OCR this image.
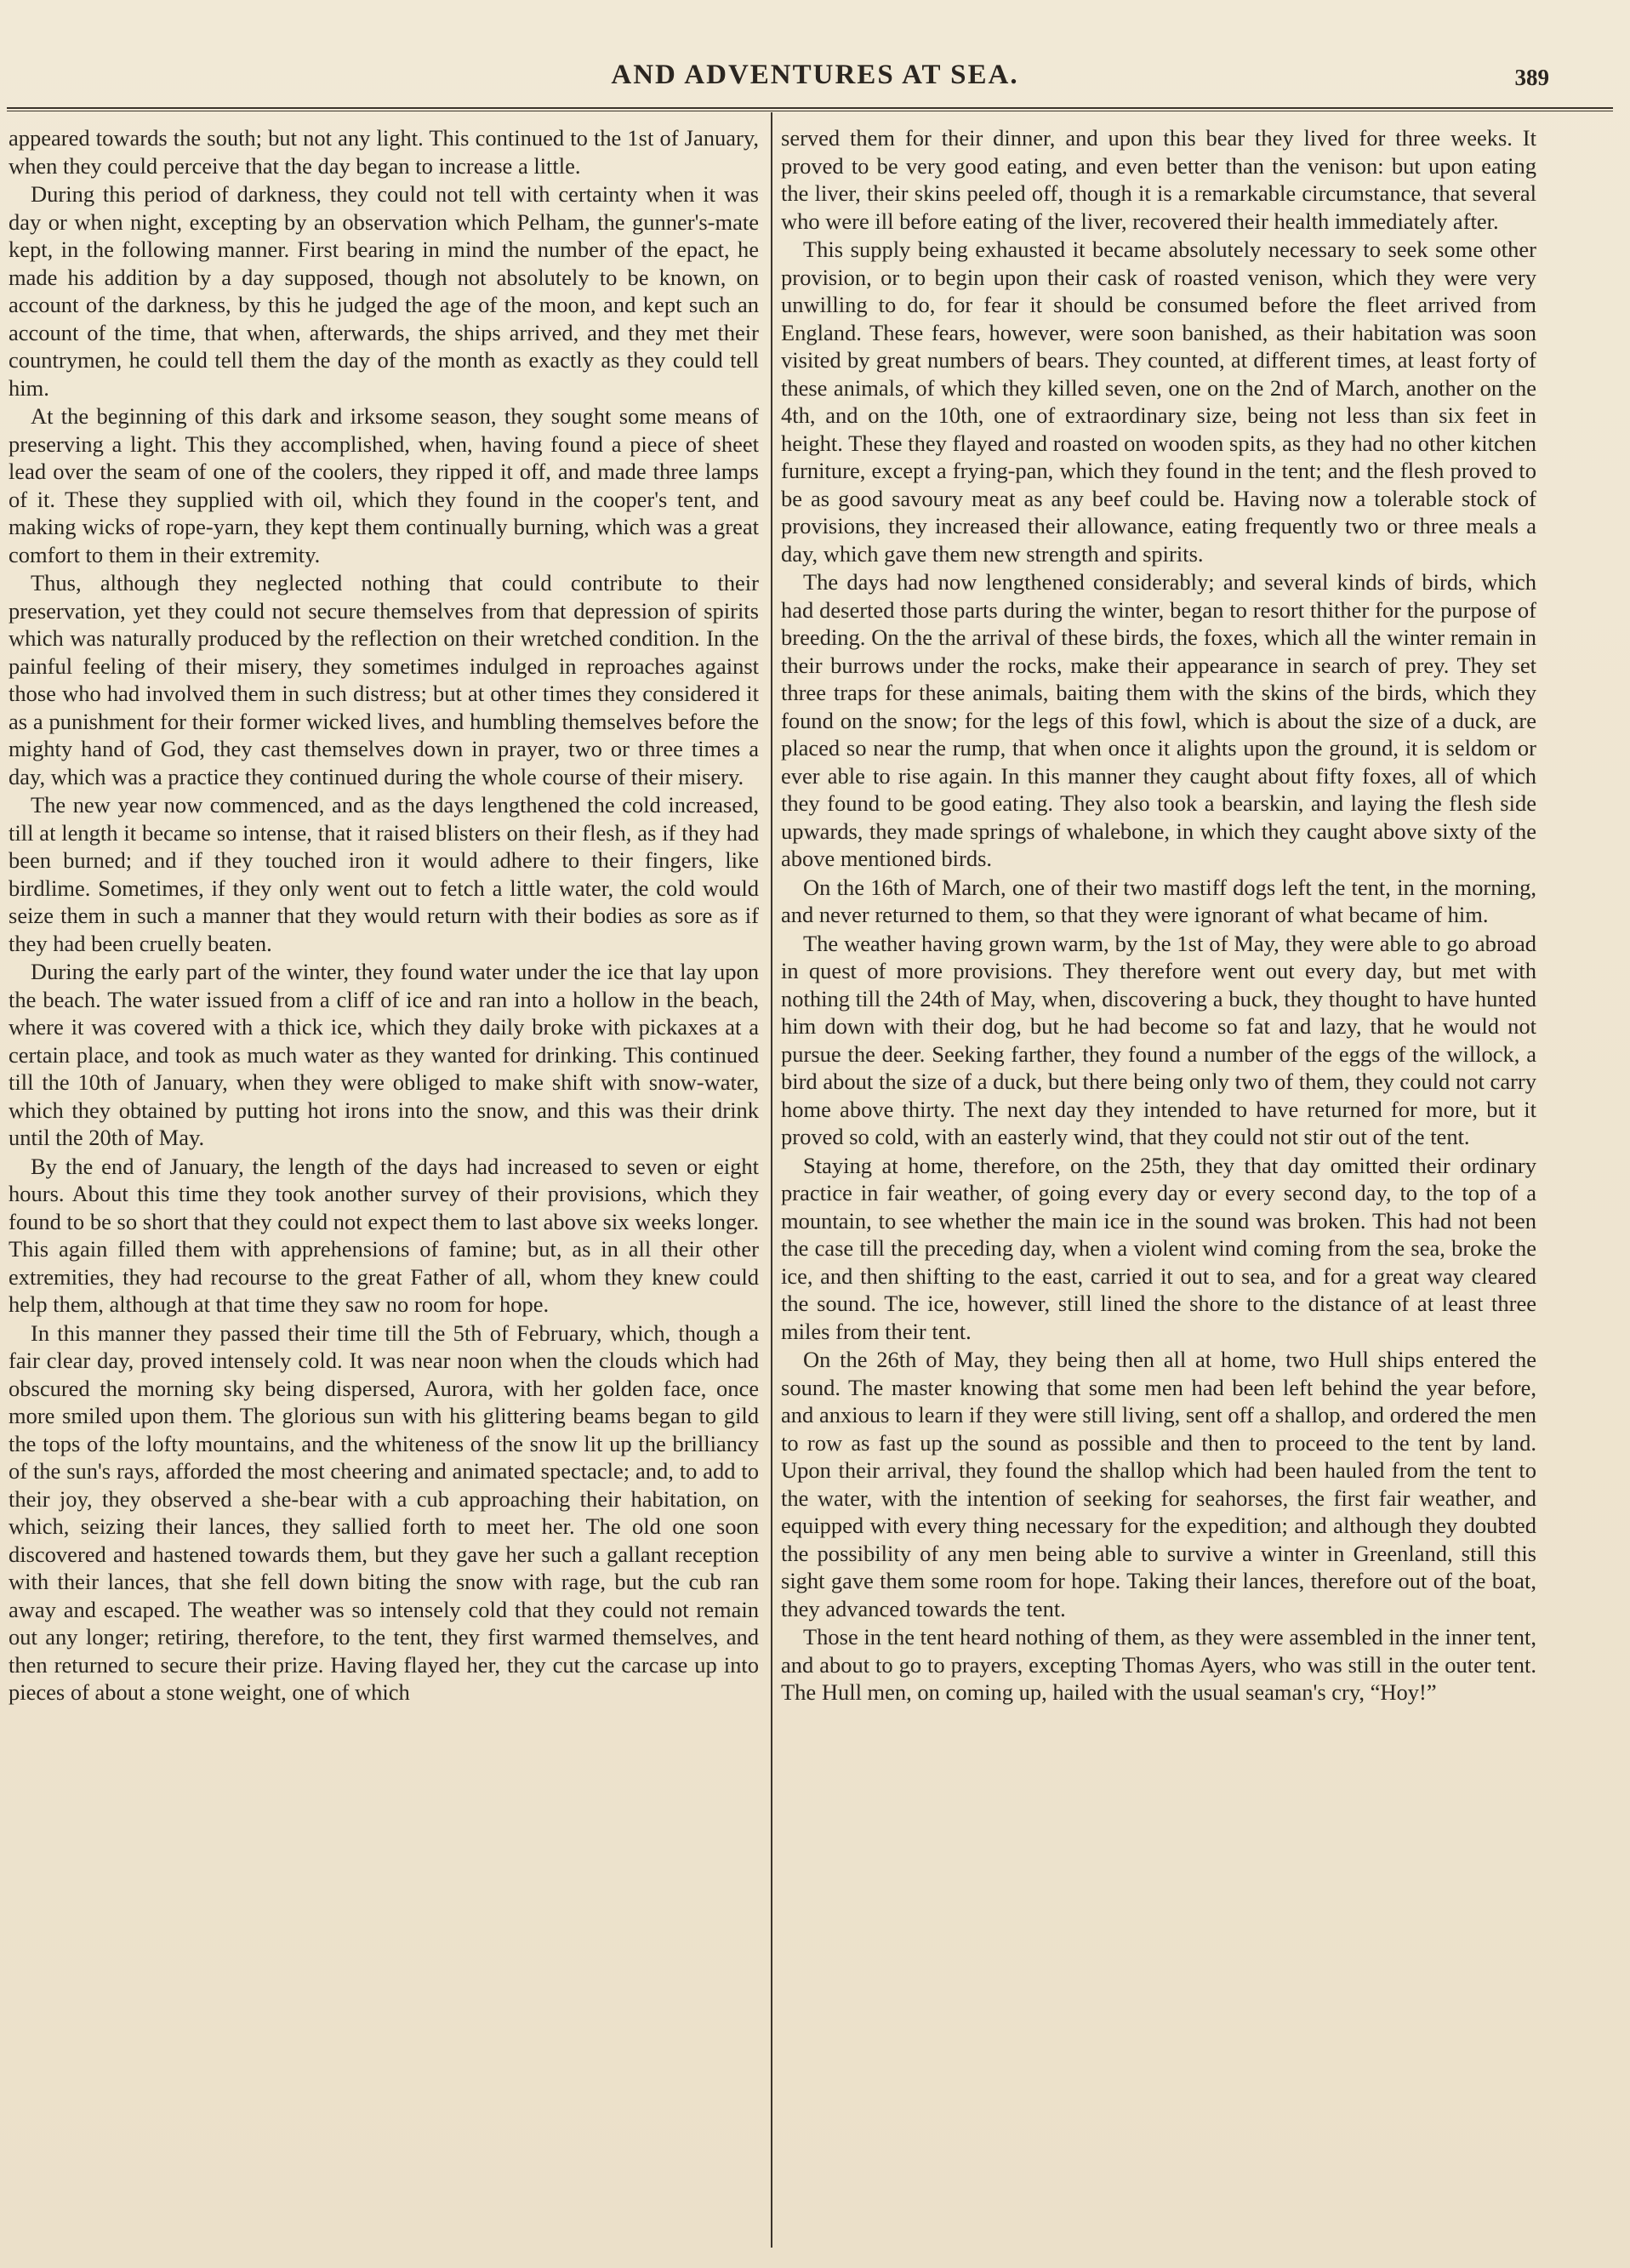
AND ADVENTURES AT SEA.	389

appeared towards the south; but not any light. This continued to the 1st of January, when they could perceive that the day began to increase a little.

During this period of darkness, they could not tell with certainty when it was day or when night, excepting by an observation which Pelham, the gunner's-mate kept, in the following manner. First bearing in mind the number of the epact, he made his addition by a day supposed, though not absolutely to be known, on account of the darkness, by this he judged the age of the moon, and kept such an account of the time, that when, afterwards, the ships arrived, and they met their countrymen, he could tell them the day of the month as exactly as they could tell him.

At the beginning of this dark and irksome season, they sought some means of preserving a light. This they accomplished, when, having found a piece of sheet lead over the seam of one of the coolers, they ripped it off, and made three lamps of it. These they supplied with oil, which they found in the cooper's tent, and making wicks of rope-yarn, they kept them continually burning, which was a great comfort to them in their extremity.

Thus, although they neglected nothing that could contribute to their preservation, yet they could not secure themselves from that depression of spirits which was naturally produced by the reflection on their wretched condition. In the painful feeling of their misery, they sometimes indulged in reproaches against those who had involved them in such distress; but at other times they considered it as a punishment for their former wicked lives, and humbling themselves before the mighty hand of God, they cast themselves down in prayer, two or three times a day, which was a practice they continued during the whole course of their misery.

The new year now commenced, and as the days lengthened the cold increased, till at length it became so intense, that it raised blisters on their flesh, as if they had been burned; and if they touched iron it would adhere to their fingers, like birdlime. Sometimes, if they only went out to fetch a little water, the cold would seize them in such a manner that they would return with their bodies as sore as if they had been cruelly beaten.

During the early part of the winter, they found water under the ice that lay upon the beach. The water issued from a cliff of ice and ran into a hollow in the beach, where it was covered with a thick ice, which they daily broke with pickaxes at a certain place, and took as much water as they wanted for drinking. This continued till the 10th of January, when they were obliged to make shift with snow-water, which they obtained by putting hot irons into the snow, and this was their drink until the 20th of May.

By the end of January, the length of the days had increased to seven or eight hours. About this time they took another survey of their provisions, which they found to be so short that they could not expect them to last above six weeks longer. This again filled them with apprehensions of famine; but, as in all their other extremities, they had recourse to the great Father of all, whom they knew could help them, although at that time they saw no room for hope.

In this manner they passed their time till the 5th of February, which, though a fair clear day, proved intensely cold. It was near noon when the clouds which had obscured the morning sky being dispersed, Aurora, with her golden face, once more smiled upon them. The glorious sun with his glittering beams began to gild the tops of the lofty mountains, and the whiteness of the snow lit up the brilliancy of the sun's rays, afforded the most cheering and animated spectacle; and, to add to their joy, they observed a she-bear with a cub approaching their habitation, on which, seizing their lances, they sallied forth to meet her. The old one soon discovered and hastened towards them, but they gave her such a gallant reception with their lances, that she fell down biting the snow with rage, but the cub ran away and escaped. The weather was so intensely cold that they could not remain out any longer; retiring, therefore, to the tent, they first warmed themselves, and then returned to secure their prize. Having flayed her, they cut the carcase up into pieces of about a stone weight, one of which

served them for their dinner, and upon this bear they lived for three weeks. It proved to be very good eating, and even better than the venison: but upon eating the liver, their skins peeled off, though it is a remarkable circumstance, that several who were ill before eating of the liver, recovered their health immediately after.

This supply being exhausted it became absolutely necessary to seek some other provision, or to begin upon their cask of roasted venison, which they were very unwilling to do, for fear it should be consumed before the fleet arrived from England. These fears, however, were soon banished, as their habitation was soon visited by great numbers of bears. They counted, at different times, at least forty of these animals, of which they killed seven, one on the 2nd of March, another on the 4th, and on the 10th, one of extraordinary size, being not less than six feet in height. These they flayed and roasted on wooden spits, as they had no other kitchen furniture, except a frying-pan, which they found in the tent; and the flesh proved to be as good savoury meat as any beef could be. Having now a tolerable stock of provisions, they increased their allowance, eating frequently two or three meals a day, which gave them new strength and spirits.

The days had now lengthened considerably; and several kinds of birds, which had deserted those parts during the winter, began to resort thither for the purpose of breeding. On the the arrival of these birds, the foxes, which all the winter remain in their burrows under the rocks, make their appearance in search of prey. They set three traps for these animals, baiting them with the skins of the birds, which they found on the snow; for the legs of this fowl, which is about the size of a duck, are placed so near the rump, that when once it alights upon the ground, it is seldom or ever able to rise again. In this manner they caught about fifty foxes, all of which they found to be good eating. They also took a bearskin, and laying the flesh side upwards, they made springs of whalebone, in which they caught above sixty of the above mentioned birds.

On the 16th of March, one of their two mastiff dogs left the tent, in the morning, and never returned to them, so that they were ignorant of what became of him.

The weather having grown warm, by the 1st of May, they were able to go abroad in quest of more provisions. They therefore went out every day, but met with nothing till the 24th of May, when, discovering a buck, they thought to have hunted him down with their dog, but he had become so fat and lazy, that he would not pursue the deer. Seeking farther, they found a number of the eggs of the willock, a bird about the size of a duck, but there being only two of them, they could not carry home above thirty. The next day they intended to have returned for more, but it proved so cold, with an easterly wind, that they could not stir out of the tent.

Staying at home, therefore, on the 25th, they that day omitted their ordinary practice in fair weather, of going every day or every second day, to the top of a mountain, to see whether the main ice in the sound was broken. This had not been the case till the preceding day, when a violent wind coming from the sea, broke the ice, and then shifting to the east, carried it out to sea, and for a great way cleared the sound. The ice, however, still lined the shore to the distance of at least three miles from their tent.

On the 26th of May, they being then all at home, two Hull ships entered the sound. The master knowing that some men had been left behind the year before, and anxious to learn if they were still living, sent off a shallop, and ordered the men to row as fast up the sound as possible and then to proceed to the tent by land. Upon their arrival, they found the shallop which had been hauled from the tent to the water, with the intention of seeking for seahorses, the first fair weather, and equipped with every thing necessary for the expedition; and although they doubted the possibility of any men being able to survive a winter in Greenland, still this sight gave them some room for hope. Taking their lances, therefore out of the boat, they advanced towards the tent.

Those in the tent heard nothing of them, as they were assembled in the inner tent, and about to go to prayers, excepting Thomas Ayers, who was still in the outer tent. The Hull men, on coming up, hailed with the usual seaman's cry, “Hoy!”
